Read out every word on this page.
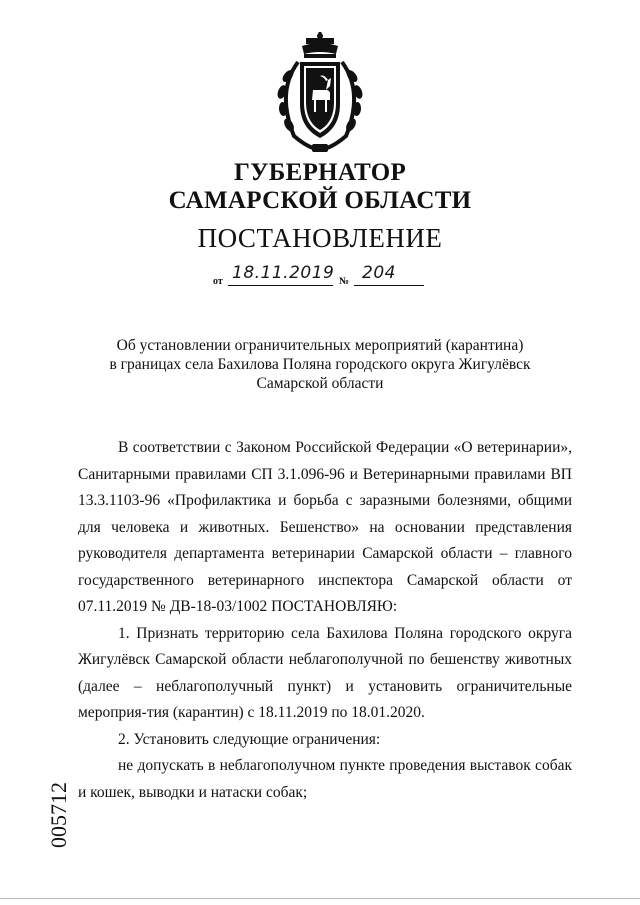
ГУБЕРНАТОР
САМАРСКОЙ ОБЛАСТИ
ПОСТАНОВЛЕНИЕ
от 18.11.2019 № 204
Об установлении ограничительных мероприятий (карантина)
в границах села Бахилова Поляна городского округа Жигулёвск
Самарской области

В соответствии с Законом Российской Федерации «О ветеринарии», Санитарными правилами СП 3.1.096-96 и Ветеринарными правилами ВП 13.3.1103-96 «Профилактика и борьба с заразными болезнями, общими для человека и животных. Бешенство» на основании представления руководителя департамента ветеринарии Самарской области – главного государственного ветеринарного инспектора Самарской области от 07.11.2019 № ДВ-18-03/1002 ПОСТАНОВЛЯЮ:

1. Признать территорию села Бахилова Поляна городского округа Жигулёвск Самарской области неблагополучной по бешенству животных (далее – неблагополучный пункт) и установить ограничительные мероприя-тия (карантин) с 18.11.2019 по 18.01.2020.

2. Установить следующие ограничения:

не допускать в неблагополучном пункте проведения выставок собак и кошек, выводки и натаски собак;

005712
